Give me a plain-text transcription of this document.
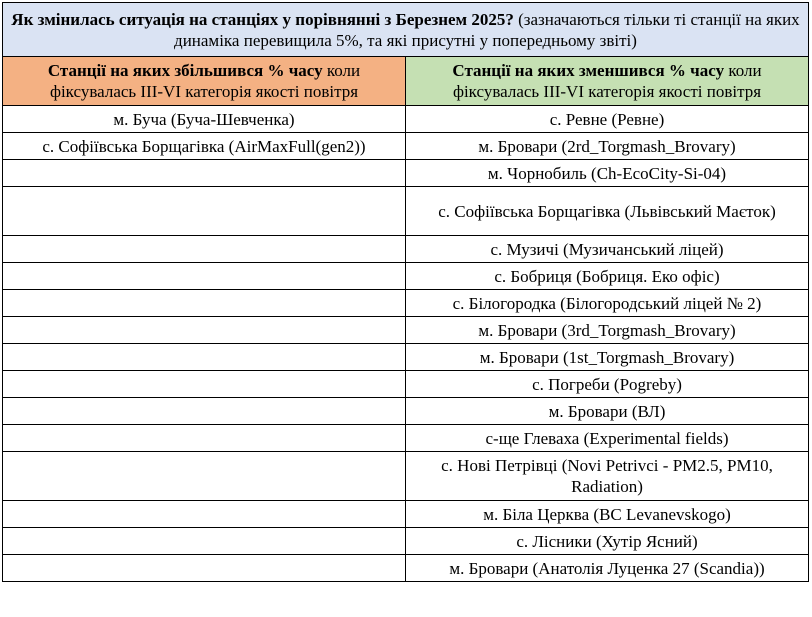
Як змінилась ситуація на станціях у порівнянні з Березнем 2025? (зазначаються тільки ті станції на яких динаміка перевищила 5%, та які присутні у попередньому звіті)	
Станції на яких збільшився % часу коли фіксувалась III-VI категорія якості повітря	Станції на яких зменшився % часу коли фіксувалась III-VI категорія якості повітря
м. Буча (Буча-Шевченка)	с. Ревне (Ревне)
с. Софіївська Борщагівка (AirMaxFull(gen2))	м. Бровари (2rd_Torgmash_Brovary)
	м. Чорнобиль (Ch-EcoCity-Si-04)
	с. Софіївська Борщагівка (Львівський Маєток)
	с. Музичі (Музичанський ліцей)
	с. Бобриця (Бобриця. Еко офіс)
	с. Білогородка (Білогородський ліцей № 2)
	м. Бровари (3rd_Torgmash_Brovary)
	м. Бровари (1st_Torgmash_Brovary)
	с. Погреби (Pogreby)
	м. Бровари (ВЛ)
	с-ще Глеваха (Experimental fields)
	с. Нові Петрівці (Novi Petrivci - PM2.5, PM10, Radiation)
	м. Біла Церква (BC Levanevskogo)
	с. Лісники (Хутір Ясний)
	м. Бровари (Анатолія Луценка 27 (Scandia))
